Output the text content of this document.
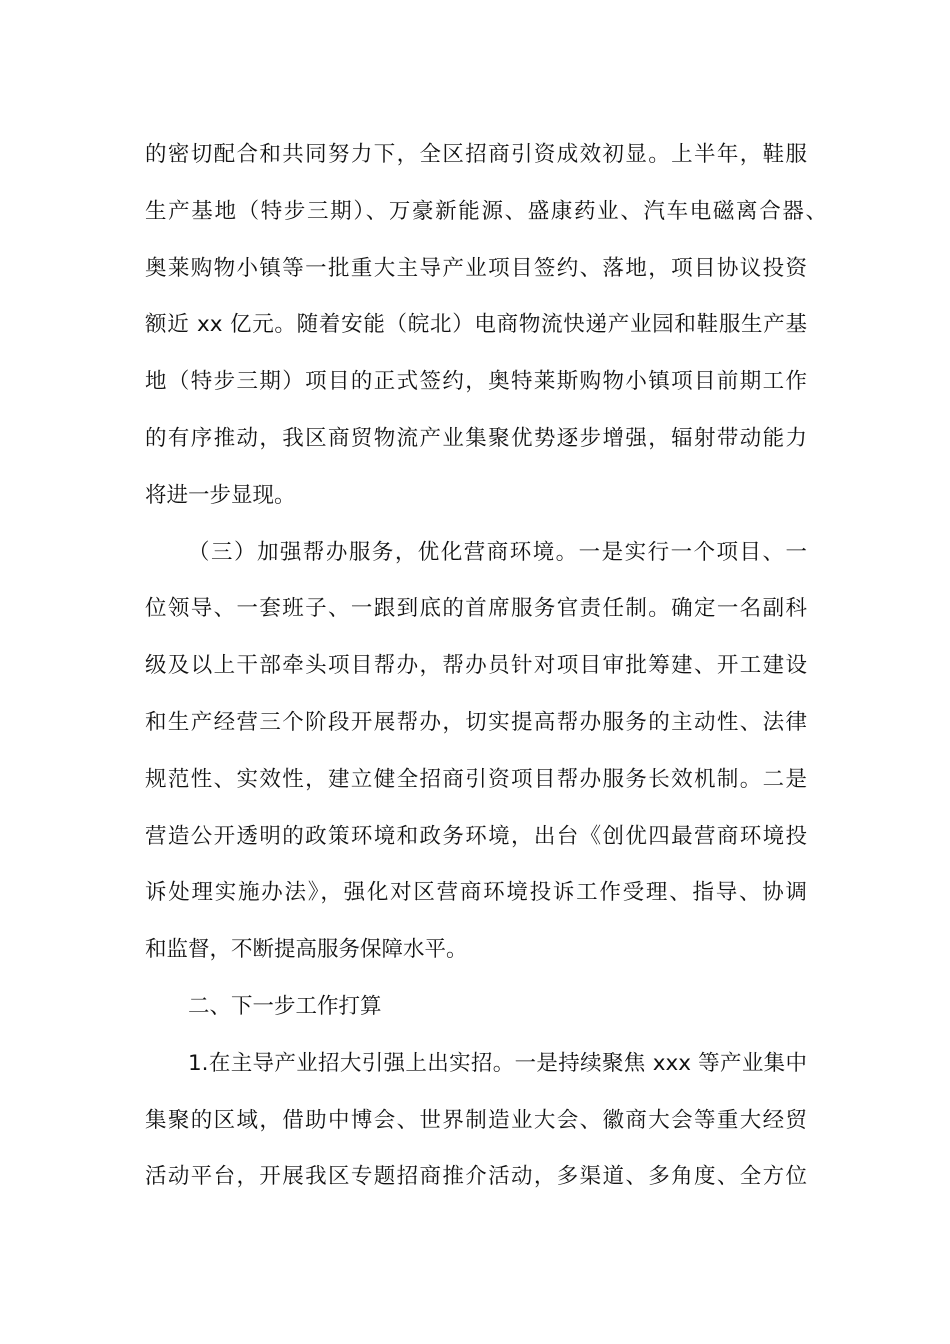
的密切配合和共同努力下，全区招商引资成效初显。上半年，鞋服
生产基地（特步三期）、万豪新能源、盛康药业、汽车电磁离合器、
奥莱购物小镇等一批重大主导产业项目签约、落地，项目协议投资
额近 xx 亿元。随着安能（皖北）电商物流快递产业园和鞋服生产基
地（特步三期）项目的正式签约，奥特莱斯购物小镇项目前期工作
的有序推动，我区商贸物流产业集聚优势逐步增强，辐射带动能力
将进一步显现。
（三）加强帮办服务，优化营商环境。一是实行一个项目、一
位领导、一套班子、一跟到底的首席服务官责任制。确定一名副科
级及以上干部牵头项目帮办，帮办员针对项目审批筹建、开工建设
和生产经营三个阶段开展帮办，切实提高帮办服务的主动性、法律
规范性、实效性，建立健全招商引资项目帮办服务长效机制。二是
营造公开透明的政策环境和政务环境，出台《创优四最营商环境投
诉处理实施办法》，强化对区营商环境投诉工作受理、指导、协调
和监督，不断提高服务保障水平。
二、下一步工作打算
1.在主导产业招大引强上出实招。一是持续聚焦 xxx 等产业集中
集聚的区域，借助中博会、世界制造业大会、徽商大会等重大经贸
活动平台，开展我区专题招商推介活动，多渠道、多角度、全方位
